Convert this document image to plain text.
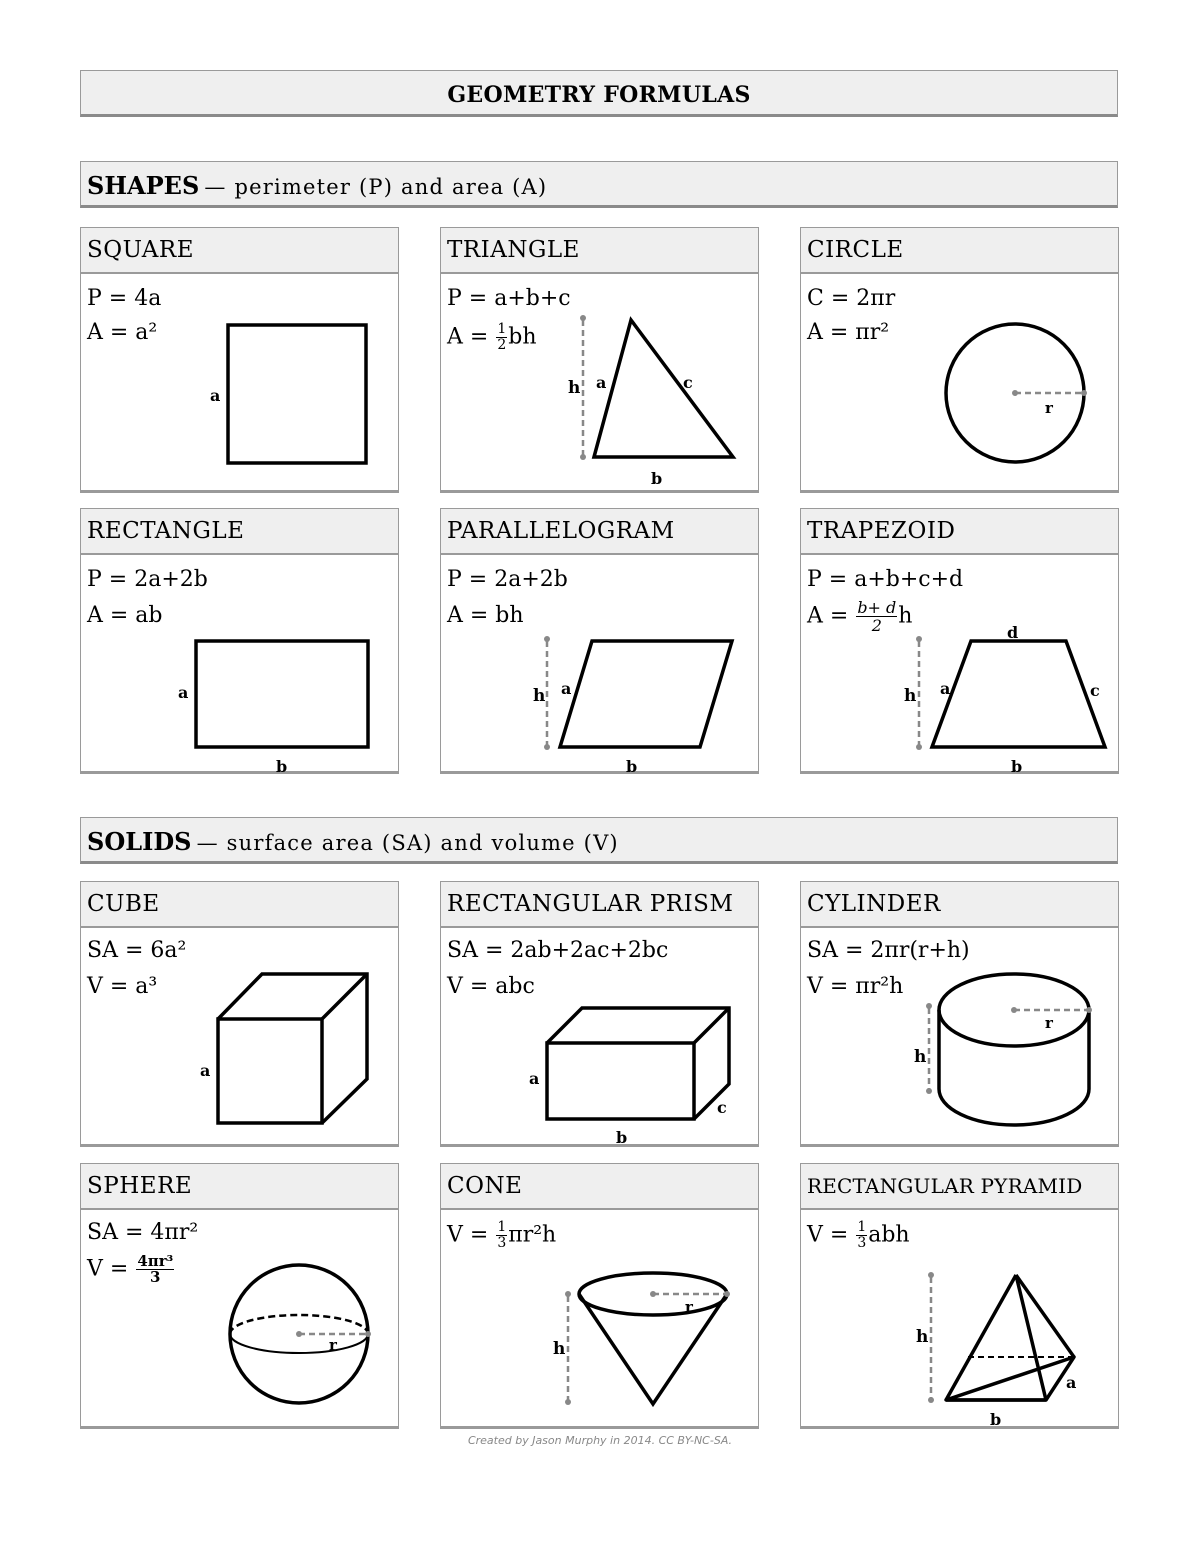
GEOMETRY FORMULAS
SHAPES — perimeter (P) and area (A)
SQUARE
P = 4a
A = a²
a
TRIANGLE
P = a+b+c
$A = \frac{1}{2}$ bh
h a	c
b
CIRCLE
C = 2πr
A = πr²
r
RECTANGLE
P = 2a+2b
A = ab
a
b
PARALLELOGRAM
P = 2a+2b
A = bh
h a
b
TRAPEZOID
P = a+b+c+d
$A = \frac{b+ d}{2}$ h
d
h a	c
b
SOLIDS — surface area (SA) and volume (V)
CUBE
SA = 6a²
V = a³
a
RECTANGULAR PRISM
SA = 2ab+2ac+2bc
V = abc
a
b
c
CYLINDER
SA = 2πr(r+h)
V = πr²h
r
h
SPHERE
SA = 4πr²
$V = \frac{\text{4πr³}}{3}$
r
CONE
$V = \frac{1}{3} \pi r^2h$
r
h
RECTANGULAR PYRAMID
$V = \frac{1}{3}$ abh
h
a
b
Created by Jason Murphy in 2014. CC BY-NC-SA.
